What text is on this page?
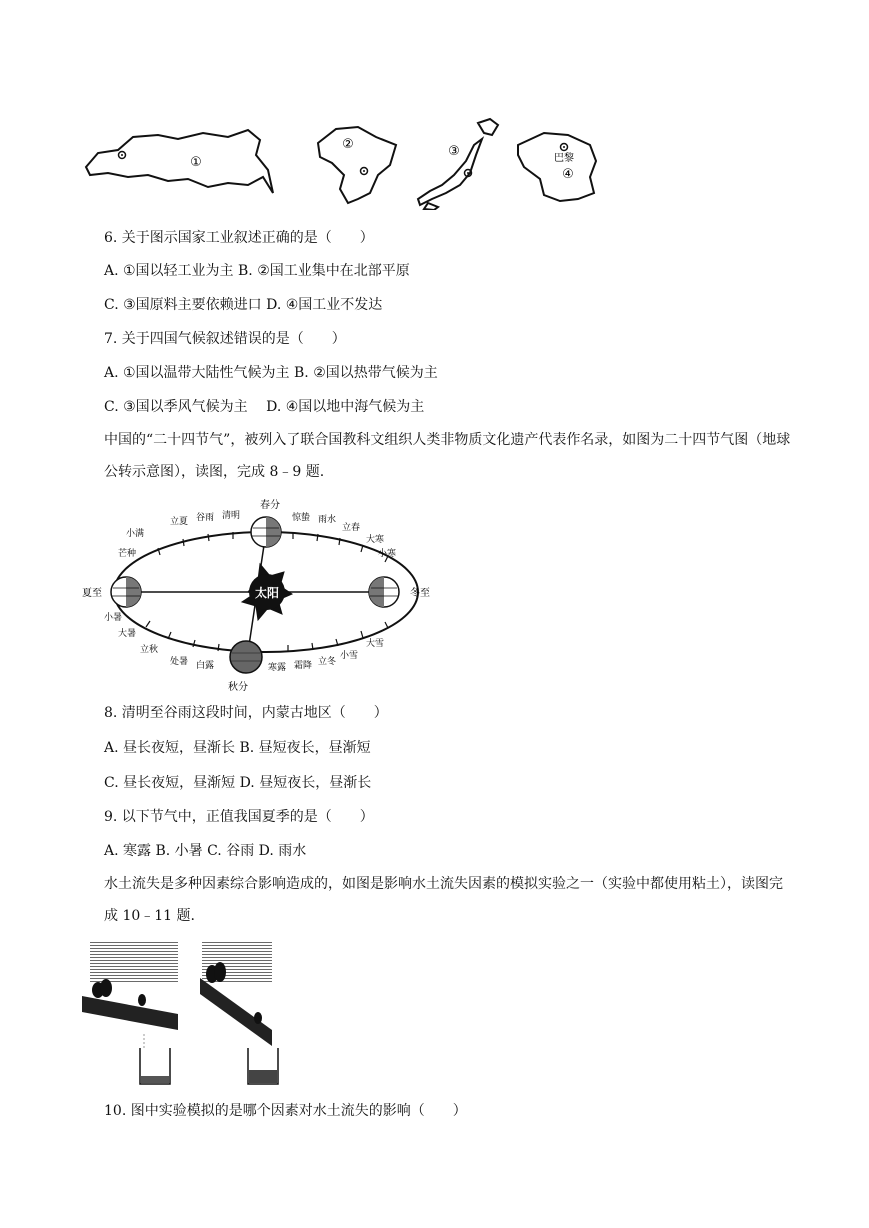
①
②	③	巴黎
④
6. 关于图示国家工业叙述正确的是（　　）
A. ①国以轻工业为主 B. ②国工业集中在北部平原
C. ③国原料主要依赖进口 D. ④国工业不发达
7. 关于四国气候叙述错误的是（　　）
A. ①国以温带大陆性气候为主 B. ②国以热带气候为主
C. ③国以季风气候为主　 D. ④国以地中海气候为主
中国的“二十四节气”，被列入了联合国教科文组织人类非物质文化遗产代表作名录，如图为二十四节气图（地球公转示意图），读图，完成 8﹣9 题.
太阳
春分
秋分
夏至	冬至
小满
立夏 谷雨 清明	惊蛰 雨水
立春
大寒
小寒
芒种
小暑
大暑
立秋
处暑 白露	寒露 霜降 立冬
小雪
大雪
8. 清明至谷雨这段时间，内蒙古地区（　　）
A. 昼长夜短，昼渐长 B. 昼短夜长，昼渐短
C. 昼长夜短，昼渐短 D. 昼短夜长，昼渐长
9. 以下节气中，正值我国夏季的是（　　）
A. 寒露 B. 小暑 C. 谷雨 D. 雨水
水土流失是多种因素综合影响造成的，如图是影响水土流失因素的模拟实验之一（实验中都使用粘土），读图完成 10﹣11 题.
10. 图中实验模拟的是哪个因素对水土流失的影响（　　）
